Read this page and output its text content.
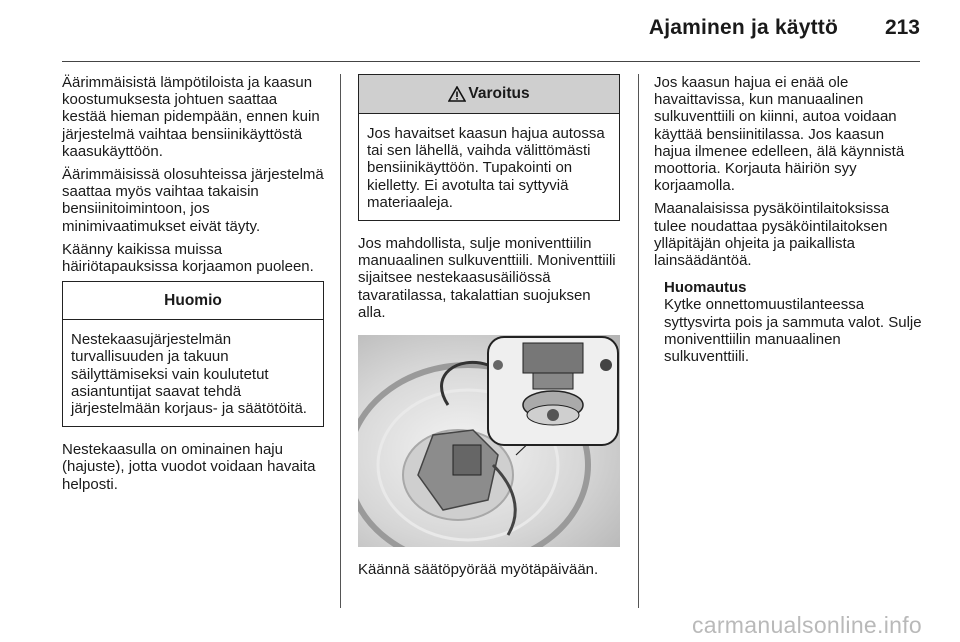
Ajaminen ja käyttö 213

Äärimmäisistä lämpötiloista ja kaasun koostumuksesta johtuen saattaa kestää hieman pidempään, ennen kuin järjestelmä vaihtaa bensiinikäyttöstä kaasukäyttöön.

Äärimmäisissä olosuhteissa järjestelmä saattaa myös vaihtaa takaisin bensiinitoimintoon, jos minimivaatimukset eivät täyty.

Käänny kaikissa muissa häiriötapauksissa korjaamon puoleen.

Huomio
Nestekaasujärjestelmän turvallisuuden ja takuun säilyttämiseksi vain koulutetut asiantuntijat saavat tehdä järjestelmään korjaus- ja säätötöitä.

Nestekaasulla on ominainen haju (hajuste), jotta vuodot voidaan havaita helposti.

Varoitus
Jos havaitset kaasun hajua autossa tai sen lähellä, vaihda välittömästi bensiinikäyttöön. Tupakointi on kielletty. Ei avotulta tai syttyviä materiaaleja.

Jos mahdollista, sulje moniventtiilin manuaalinen sulkuventtiili. Moniventtiili sijaitsee nestekaasusäiliössä tavaratilassa, takalattian suojuksen alla.

Käännä säätöpyörää myötäpäivään.

Jos kaasun hajua ei enää ole havaittavissa, kun manuaalinen sulkuventtiili on kiinni, autoa voidaan käyttää bensiinitilassa. Jos kaasun hajua ilmenee edelleen, älä käynnistä moottoria. Korjauta häiriön syy korjaamolla.

Maanalaisissa pysäköintilaitoksissa tulee noudattaa pysäköintilaitoksen ylläpitäjän ohjeita ja paikallista lainsäädäntöä.

Huomautus
Kytke onnettomuustilanteessa syttysvirta pois ja sammuta valot. Sulje moniventtiilin manuaalinen sulkuventtiili.
carmanualsonline.info
